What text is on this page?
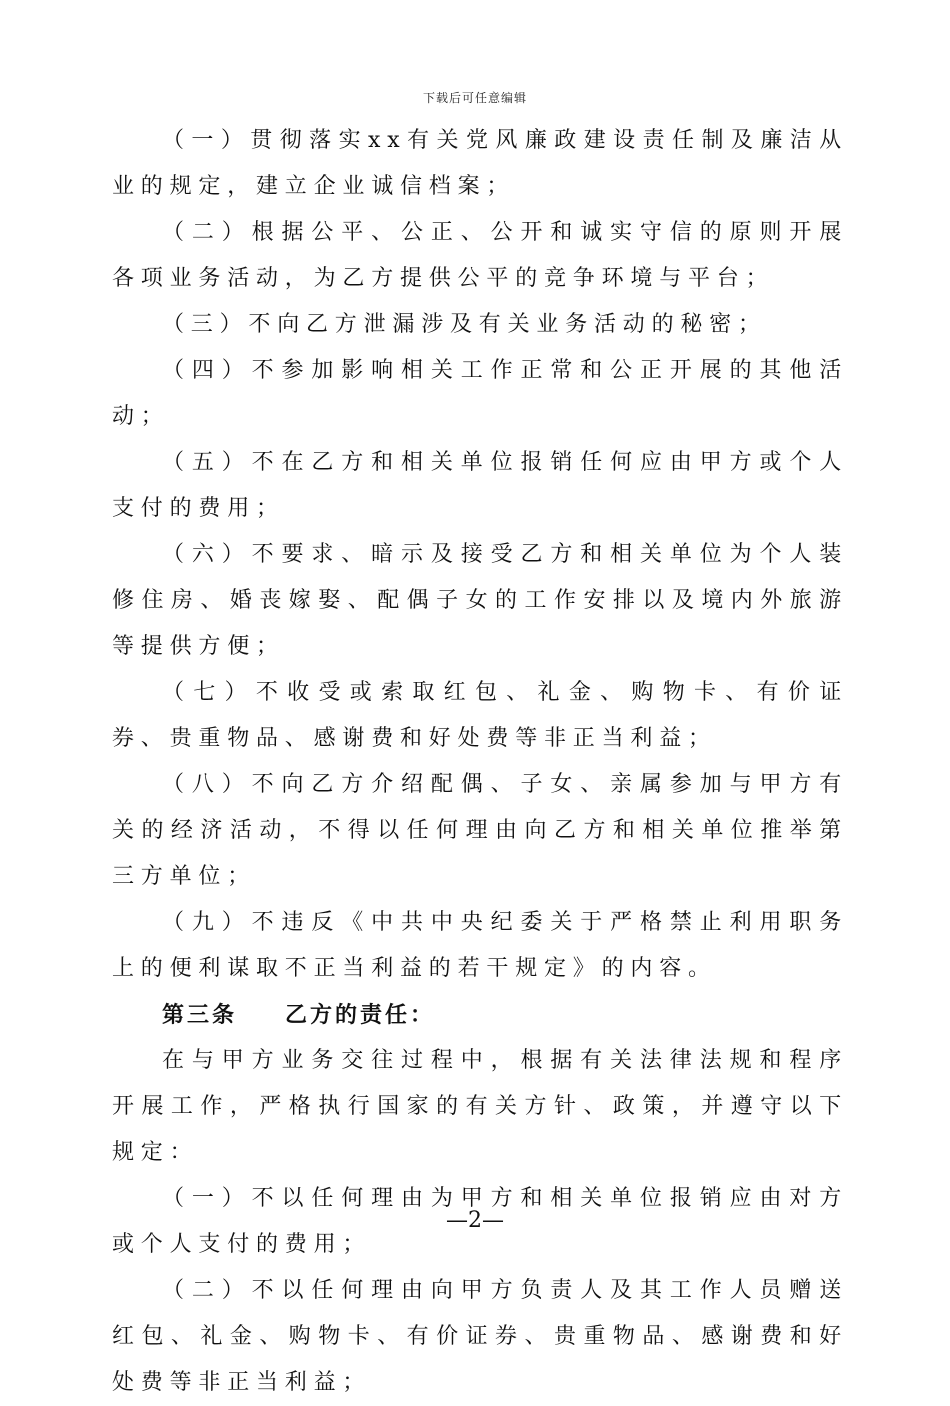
下载后可任意编辑

（一）贯彻落实xx有关党风廉政建设责任制及廉洁从业的规定，建立企业诚信档案；

（二）根据公平、公正、公开和诚实守信的原则开展各项业务活动，为乙方提供公平的竞争环境与平台；

（三）不向乙方泄漏涉及有关业务活动的秘密；

（四）不参加影响相关工作正常和公正开展的其他活动；

（五）不在乙方和相关单位报销任何应由甲方或个人支付的费用；

（六）不要求、暗示及接受乙方和相关单位为个人装修住房、婚丧嫁娶、配偶子女的工作安排以及境内外旅游等提供方便；

（七）不收受或索取红包、礼金、购物卡、有价证券、贵重物品、感谢费和好处费等非正当利益；

（八）不向乙方介绍配偶、子女、亲属参加与甲方有关的经济活动，不得以任何理由向乙方和相关单位推举第三方单位；

（九）不违反《中共中央纪委关于严格禁止利用职务上的便利谋取不正当利益的若干规定》的内容。

第三条 乙方的责任：

在与甲方业务交往过程中，根据有关法律法规和程序开展工作，严格执行国家的有关方针、政策，并遵守以下规定：

（一）不以任何理由为甲方和相关单位报销应由对方或个人支付的费用；

（二）不以任何理由向甲方负责人及其工作人员赠送红包、礼金、购物卡、有价证券、贵重物品、感谢费和好处费等非正当利益；

—2—
